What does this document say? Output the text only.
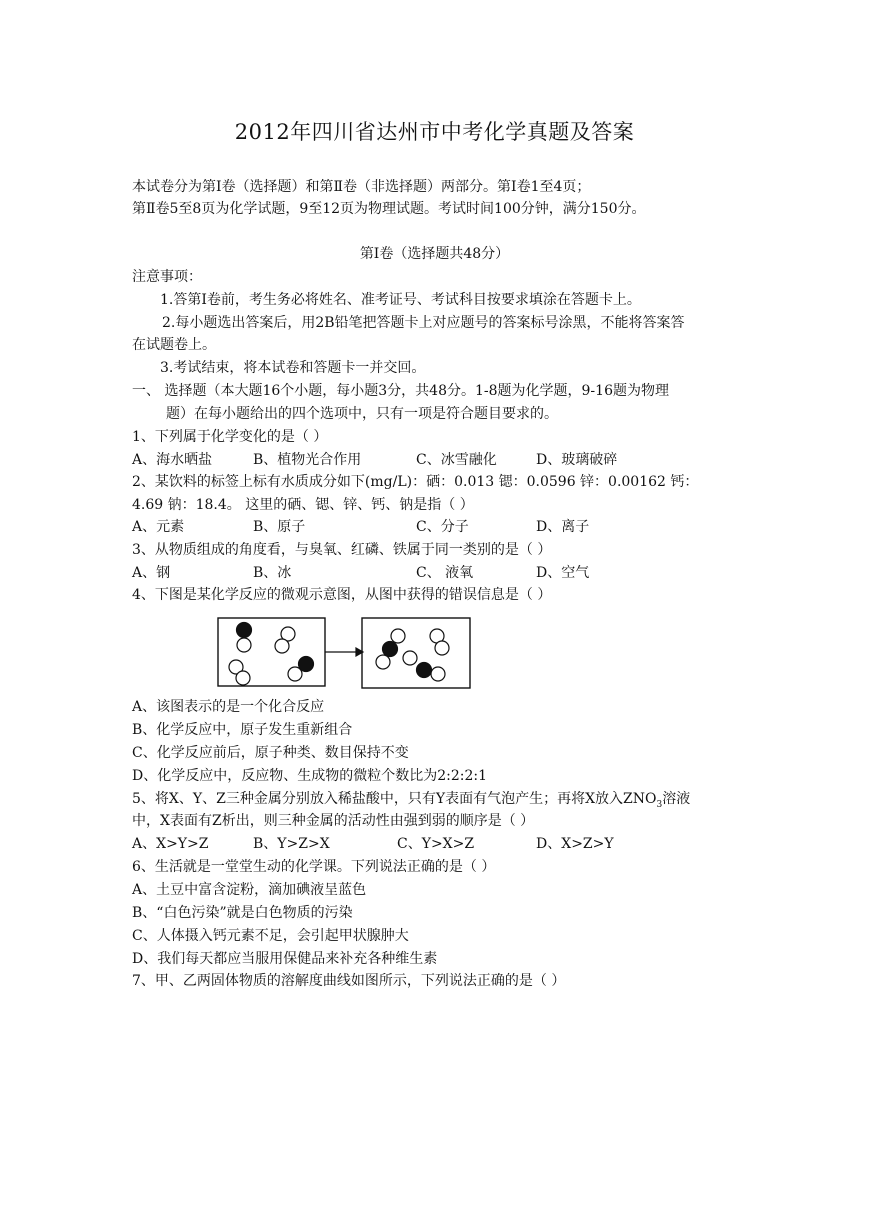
2012年四川省达州市中考化学真题及答案
本试卷分为第Ⅰ卷（选择题）和第Ⅱ卷（非选择题）两部分。第Ⅰ卷1至4页；
第Ⅱ卷5至8页为化学试题，9至12页为物理试题。考试时间100分钟，满分150分。
第Ⅰ卷（选择题共48分）
注意事项：
1.答第Ⅰ卷前，考生务必将姓名、准考证号、考试科目按要求填涂在答题卡上。
2.每小题选出答案后，用2B铅笔把答题卡上对应题号的答案标号涂黑，不能将答案答
在试题卷上。
3.考试结束，将本试卷和答题卡一并交回。
一、 选择题（本大题16个小题，每小题3分，共48分。1-8题为化学题，9-16题为物理
题）在每小题给出的四个选项中，只有一项是符合题目要求的。
1、下列属于化学变化的是（ ）
A、海水晒盐	B、植物光合作用	C、冰雪融化	D、玻璃破碎
2、某饮料的标签上标有水质成分如下(mg/L)：硒：0.013 锶：0.0596 锌：0.00162 钙：
4.69 钠：18.4。 这里的硒、锶、锌、钙、钠是指（ ）
A、元素	B、原子	C、分子	D、离子
3、从物质组成的角度看，与臭氧、红磷、铁属于同一类别的是（ ）
A、钢	B、冰	C、 液氧	D、空气
4、下图是某化学反应的微观示意图，从图中获得的错误信息是（ ）
A、该图表示的是一个化合反应
B、化学反应中，原子发生重新组合
C、化学反应前后，原子种类、数目保持不变
D、化学反应中，反应物、生成物的微粒个数比为2:2:2:1
5、将X、Y、Z三种金属分别放入稀盐酸中，只有Y表面有气泡产生；再将X放入$ZNO_3$溶液
中，X表面有Z析出，则三种金属的活动性由强到弱的顺序是（ ）
A、X>Y>Z	B、Y>Z>X	C、Y>X>Z	D、X>Z>Y
6、生活就是一堂堂生动的化学课。下列说法正确的是（ ）
A、土豆中富含淀粉，滴加碘液呈蓝色
B、“白色污染”就是白色物质的污染
C、人体摄入钙元素不足，会引起甲状腺肿大
D、我们每天都应当服用保健品来补充各种维生素
7、甲、乙两固体物质的溶解度曲线如图所示，下列说法正确的是（ ）
